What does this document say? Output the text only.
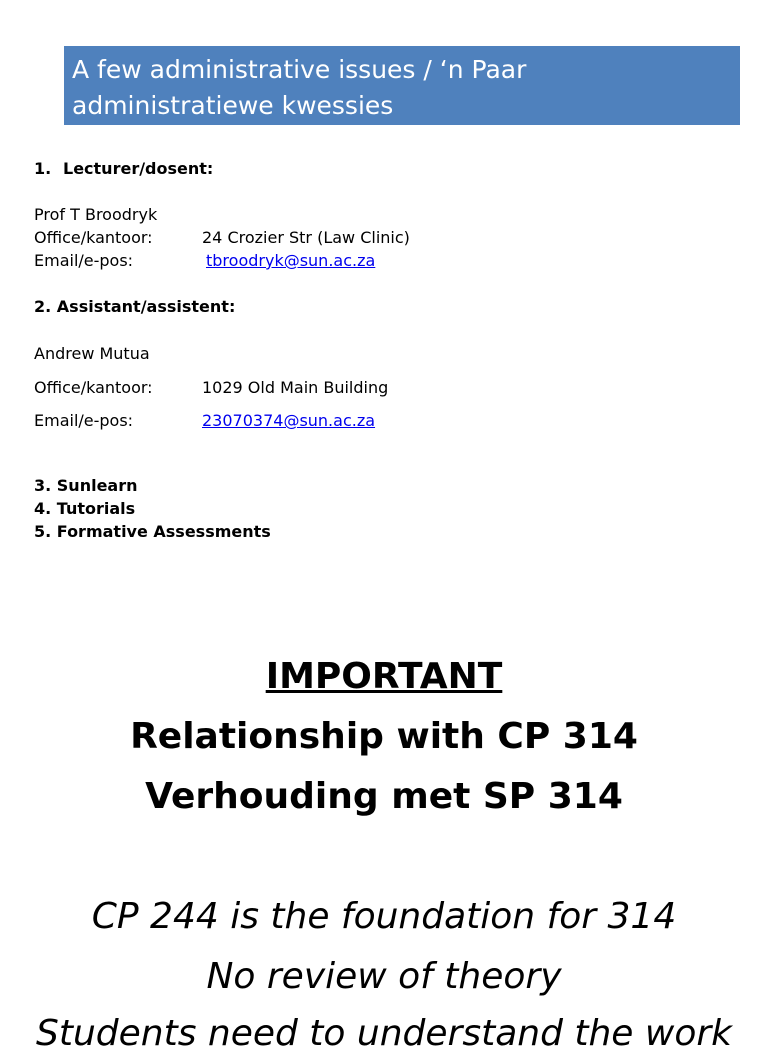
A few administrative issues / ‘n Paar administratiewe kwessies

1. Lecturer/dosent:
Prof T Broodryk
Office/kantoor:	24 Crozier Str (Law Clinic)
Email/e-pos:	tbroodryk@sun.ac.za
2. Assistant/assistent:
Andrew Mutua
Office/kantoor:	1029 Old Main Building
Email/e-pos:	23070374@sun.ac.za
3. Sunlearn
4. Tutorials
5. Formative Assessments
IMPORTANT
Relationship with CP 314
Verhouding met SP 314
CP 244 is the foundation for 314
No review of theory
Students need to understand the work
